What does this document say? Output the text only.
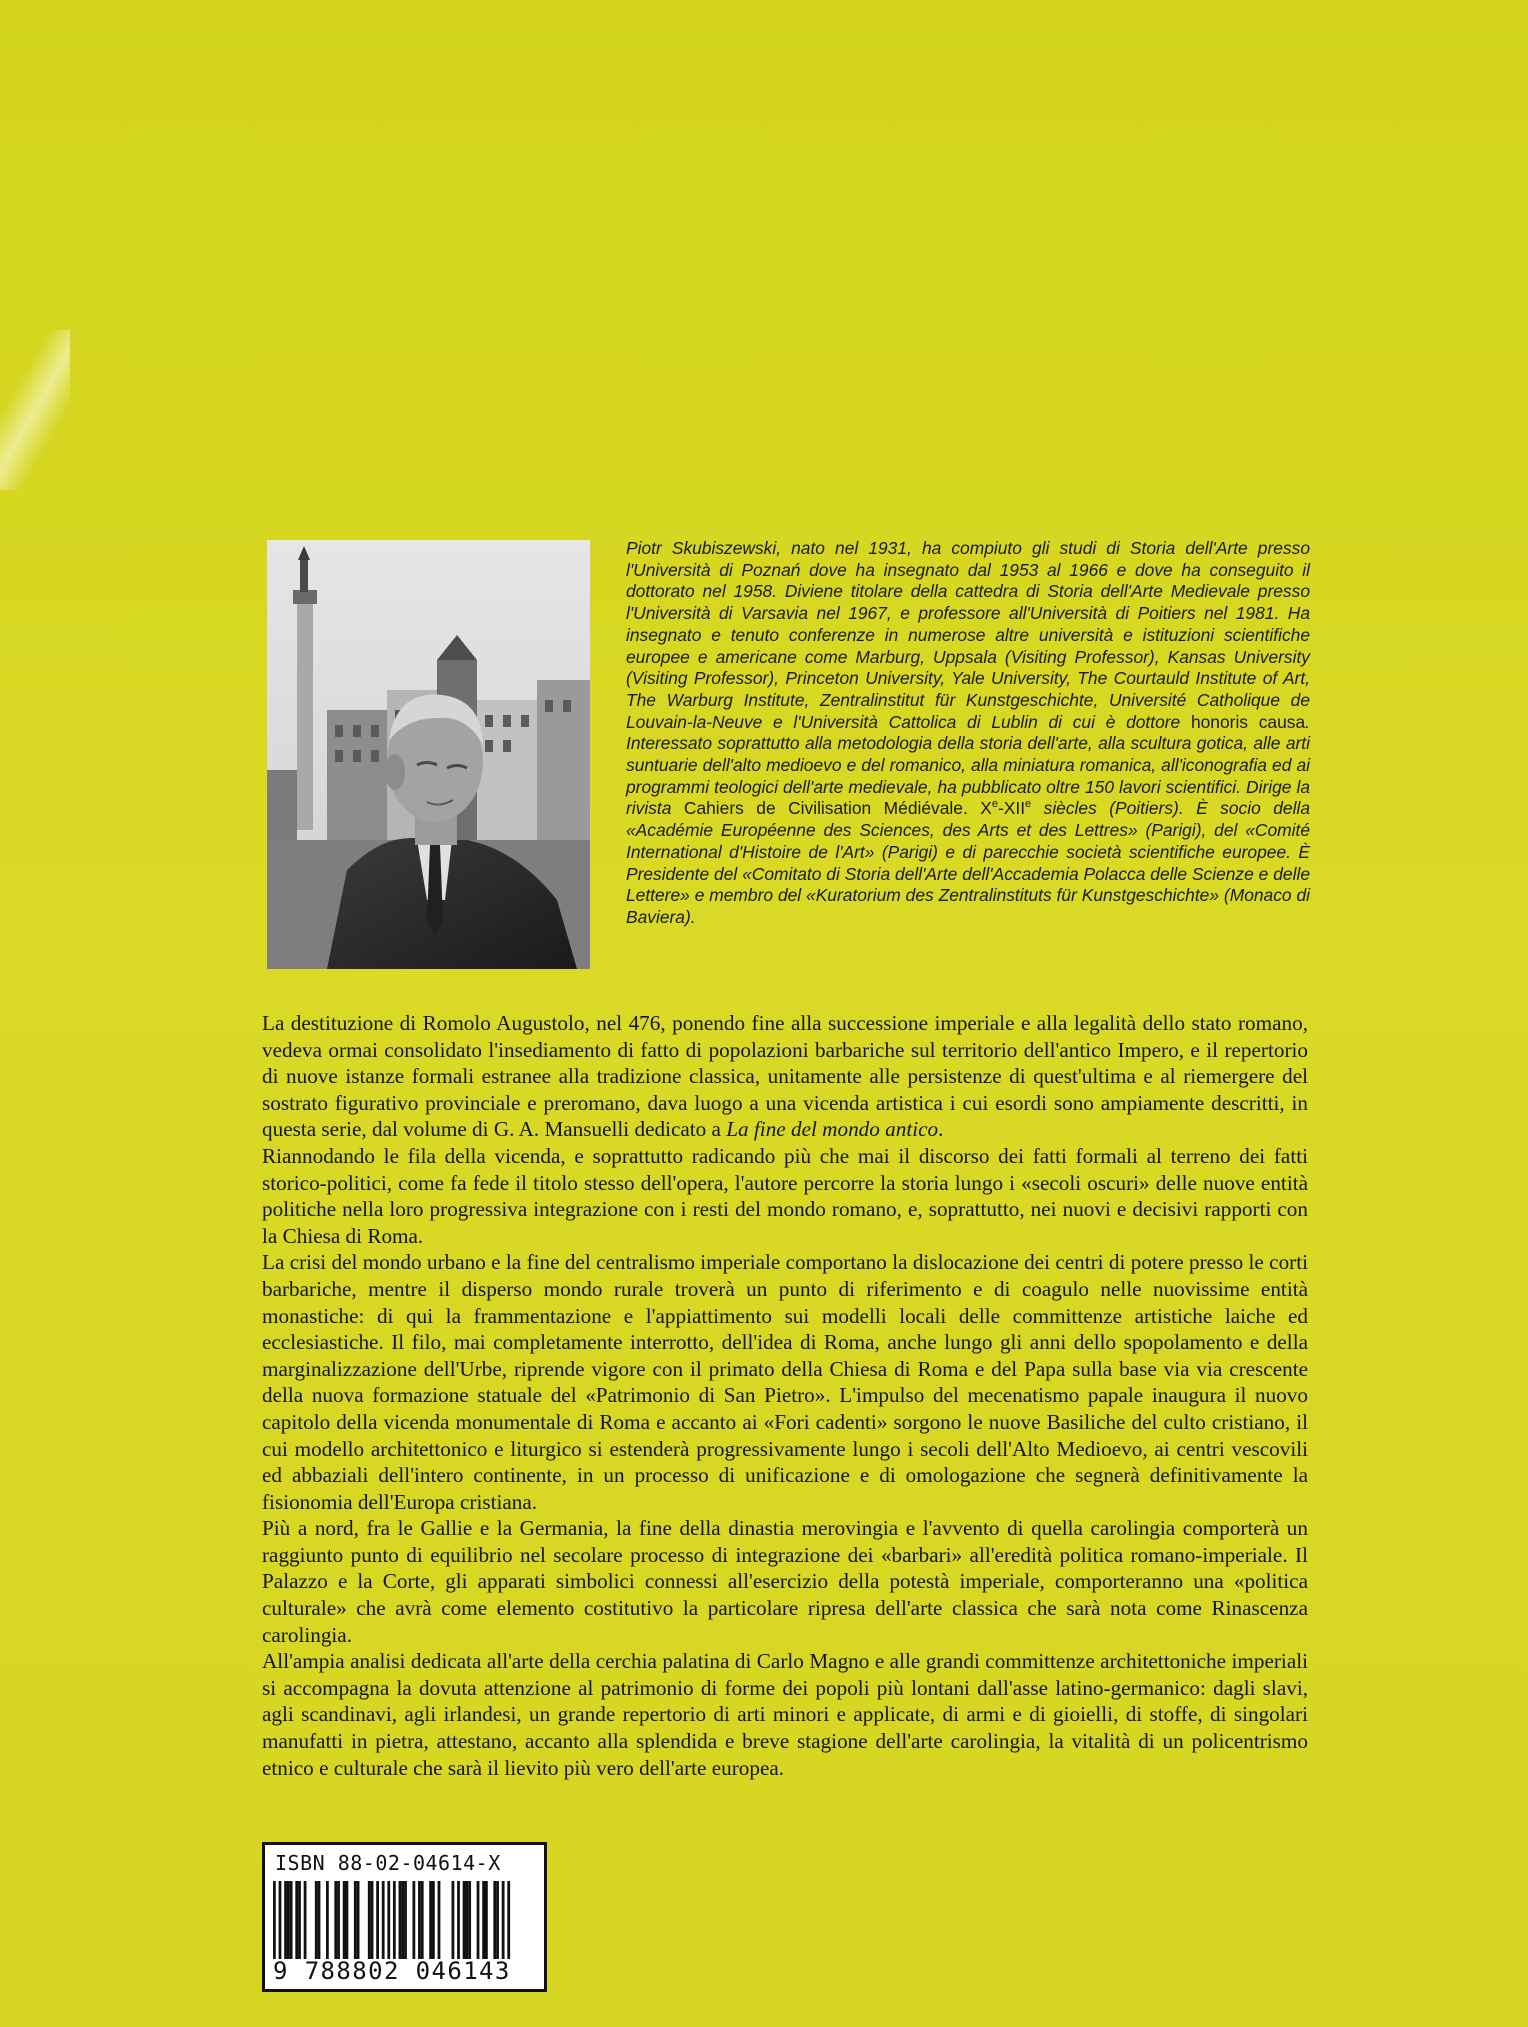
Piotr Skubiszewski, nato nel 1931, ha compiuto gli studi di Storia dell'Arte presso l'Università di Poznań dove ha insegnato dal 1953 al 1966 e dove ha conseguito il dottorato nel 1958. Diviene titolare della cattedra di Storia dell'Arte Medievale presso l'Università di Varsavia nel 1967, e professore all'Università di Poitiers nel 1981. Ha insegnato e tenuto conferenze in numerose altre università e istituzioni scientifiche europee e americane come Marburg, Uppsala (Visiting Professor), Kansas University (Visiting Professor), Princeton University, Yale University, The Courtauld Institute of Art, The Warburg Institute, Zentralinstitut für Kunstgeschichte, Université Catholique de Louvain-la-Neuve e l'Università Cattolica di Lublin di cui è dottore honoris causa. Interessato soprattutto alla metodologia della storia dell'arte, alla scultura gotica, alle arti suntuarie dell'alto medioevo e del romanico, alla miniatura romanica, all'iconografia ed ai programmi teologici dell'arte medievale, ha pubblicato oltre 150 lavori scientifici. Dirige la rivista Cahiers de Civilisation Médiévale. Xe-XIIe siècles (Poitiers). È socio della «Académie Européenne des Sciences, des Arts et des Lettres» (Parigi), del «Comité International d'Histoire de l'Art» (Parigi) e di parecchie società scientifiche europee. È Presidente del «Comitato di Storia dell'Arte dell'Accademia Polacca delle Scienze e delle Lettere» e membro del «Kuratorium des Zentralinstituts für Kunstgeschichte» (Monaco di Baviera).

La destituzione di Romolo Augustolo, nel 476, ponendo fine alla successione imperiale e alla legalità dello stato romano, vedeva ormai consolidato l'insediamento di fatto di popolazioni barbariche sul territorio dell'antico Impero, e il repertorio di nuove istanze formali estranee alla tradizione classica, unitamente alle persistenze di quest'ultima e al riemergere del sostrato figurativo provinciale e preromano, dava luogo a una vicenda artistica i cui esordi sono ampiamente descritti, in questa serie, dal volume di G. A. Mansuelli dedicato a La fine del mondo antico.

Riannodando le fila della vicenda, e soprattutto radicando più che mai il discorso dei fatti formali al terreno dei fatti storico-politici, come fa fede il titolo stesso dell'opera, l'autore percorre la storia lungo i «secoli oscuri» delle nuove entità politiche nella loro progressiva integrazione con i resti del mondo romano, e, soprattutto, nei nuovi e decisivi rapporti con la Chiesa di Roma.

La crisi del mondo urbano e la fine del centralismo imperiale comportano la dislocazione dei centri di potere presso le corti barbariche, mentre il disperso mondo rurale troverà un punto di riferimento e di coagulo nelle nuovissime entità monastiche: di qui la frammentazione e l'appiattimento sui modelli locali delle committenze artistiche laiche ed ecclesiastiche. Il filo, mai completamente interrotto, dell'idea di Roma, anche lungo gli anni dello spopolamento e della marginalizzazione dell'Urbe, riprende vigore con il primato della Chiesa di Roma e del Papa sulla base via via crescente della nuova formazione statuale del «Patrimonio di San Pietro». L'impulso del mecenatismo papale inaugura il nuovo capitolo della vicenda monumentale di Roma e accanto ai «Fori cadenti» sorgono le nuove Basiliche del culto cristiano, il cui modello architettonico e liturgico si estenderà progressivamente lungo i secoli dell'Alto Medioevo, ai centri vescovili ed abbaziali dell'intero continente, in un processo di unificazione e di omologazione che segnerà definitivamente la fisionomia dell'Europa cristiana.

Più a nord, fra le Gallie e la Germania, la fine della dinastia merovingia e l'avvento di quella carolingia comporterà un raggiunto punto di equilibrio nel secolare processo di integrazione dei «barbari» all'eredità politica romano-imperiale. Il Palazzo e la Corte, gli apparati simbolici connessi all'esercizio della potestà imperiale, comporteranno una «politica culturale» che avrà come elemento costitutivo la particolare ripresa dell'arte classica che sarà nota come Rinascenza carolingia.

All'ampia analisi dedicata all'arte della cerchia palatina di Carlo Magno e alle grandi committenze architettoniche imperiali si accompagna la dovuta attenzione al patrimonio di forme dei popoli più lontani dall'asse latino-germanico: dagli slavi, agli scandinavi, agli irlandesi, un grande repertorio di arti minori e applicate, di armi e di gioielli, di stoffe, di singolari manufatti in pietra, attestano, accanto alla splendida e breve stagione dell'arte carolingia, la vitalità di un policentrismo etnico e culturale che sarà il lievito più vero dell'arte europea.

ISBN 88-02-04614-X
9 788802 046143
